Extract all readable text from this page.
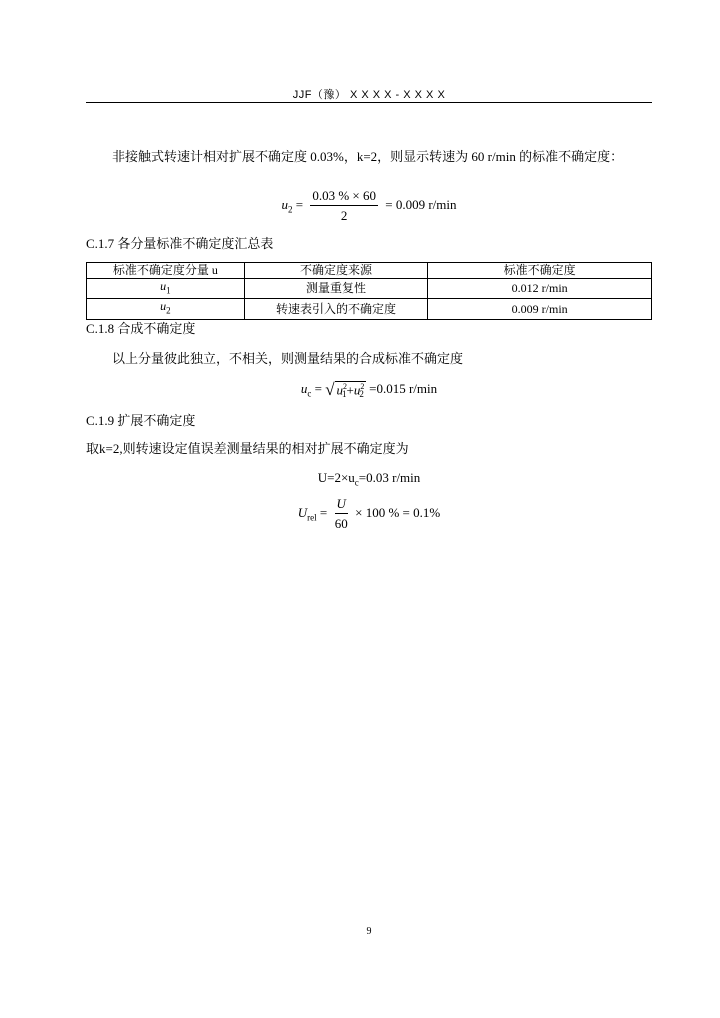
JJF（豫） X X X X - X X X X
非接触式转速计相对扩展不确定度 0.03%，k=2，则显示转速为 60 r/min 的标准不确定度：
$u_2 = \frac{0.03 \% \times 60}{2} = 0.009$ r/min
C.1.7 各分量标准不确定度汇总表
标准不确定度分量 u	不确定度来源	标准不确定度
$u_1$	测量重复性	0.012 r/min
$u_2$	转速表引入的不确定度	0.009 r/min
C.1.8 合成不确定度
以上分量彼此独立，不相关，则测量结果的合成标准不确定度
$u_c$ = √ $u^2_1+u^2_2 =0.015$ r/min
C.1.9 扩展不确定度
取k=2,则转速设定值误差测量结果的相对扩展不确定度为
$U=2\times u_c=0.03$ r/min
$U_{rel} = \frac{U}{60} \times 100$ % = 0.1%
9
